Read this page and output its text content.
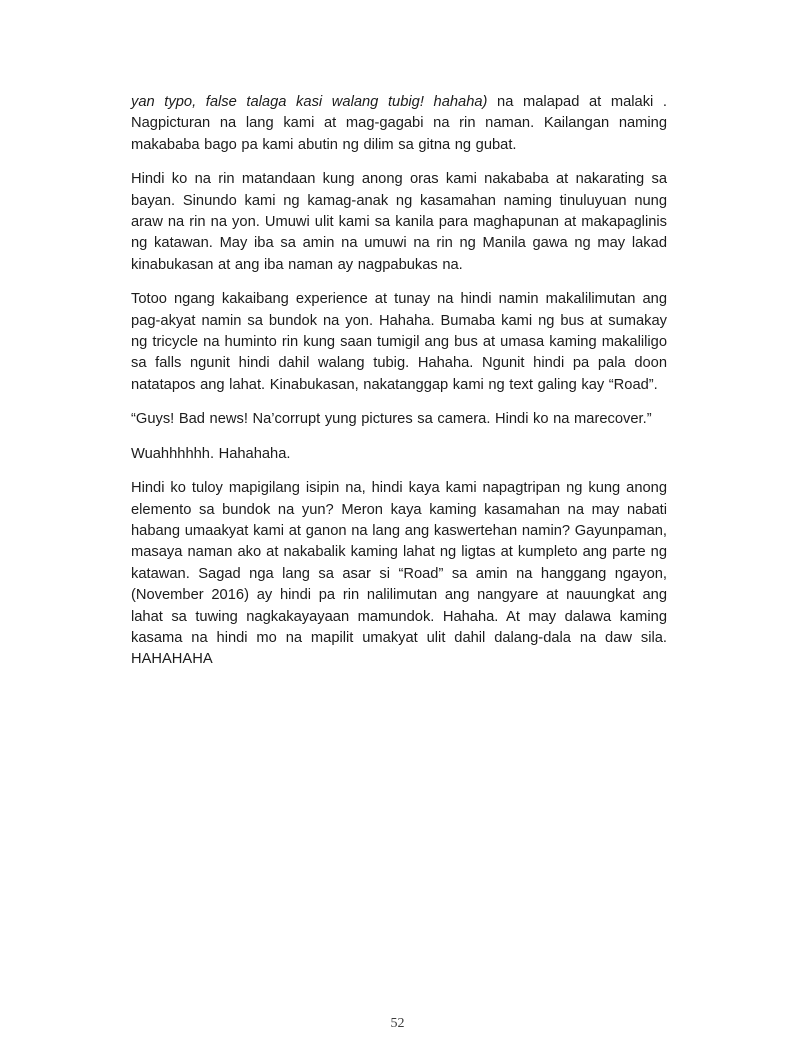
yan typo, false talaga kasi walang tubig! hahaha) na malapad at malaki . Nagpicturan na lang kami at mag-gagabi na rin naman. Kailangan naming makababa bago pa kami abutin ng dilim sa gitna ng gubat.

Hindi ko na rin matandaan kung anong oras kami nakababa at nakarating sa bayan. Sinundo kami ng kamag-anak ng kasamahan naming tinuluyuan nung araw na rin na yon. Umuwi ulit kami sa kanila para maghapunan at makapaglinis ng katawan. May iba sa amin na umuwi na rin ng Manila gawa ng may lakad kinabukasan at ang iba naman ay nagpabukas na.

Totoo ngang kakaibang experience at tunay na hindi namin makalilimutan ang pag-akyat namin sa bundok na yon. Hahaha. Bumaba kami ng bus at sumakay ng tricycle na huminto rin kung saan tumigil ang bus at umasa kaming makaliligo sa falls ngunit hindi dahil walang tubig. Hahaha. Ngunit hindi pa pala doon natatapos ang lahat. Kinabukasan, nakatanggap kami ng text galing kay “Road”.

“Guys! Bad news! Na’corrupt yung pictures sa camera. Hindi ko na marecover.”

Wuahhhhhh. Hahahaha.

Hindi ko tuloy mapigilang isipin na, hindi kaya kami napagtripan ng kung anong elemento sa bundok na yun? Meron kaya kaming kasamahan na may nabati habang umaakyat kami at ganon na lang ang kaswertehan namin? Gayunpaman, masaya naman ako at nakabalik kaming lahat ng ligtas at kumpleto ang parte ng katawan. Sagad nga lang sa asar si “Road” sa amin na hanggang ngayon, (November 2016) ay hindi pa rin nalilimutan ang nangyare at nauungkat ang lahat sa tuwing nagkakayayaan mamundok. Hahaha. At may dalawa kaming kasama na hindi mo na mapilit umakyat ulit dahil dalang-dala na daw sila. HAHAHAHA

52
